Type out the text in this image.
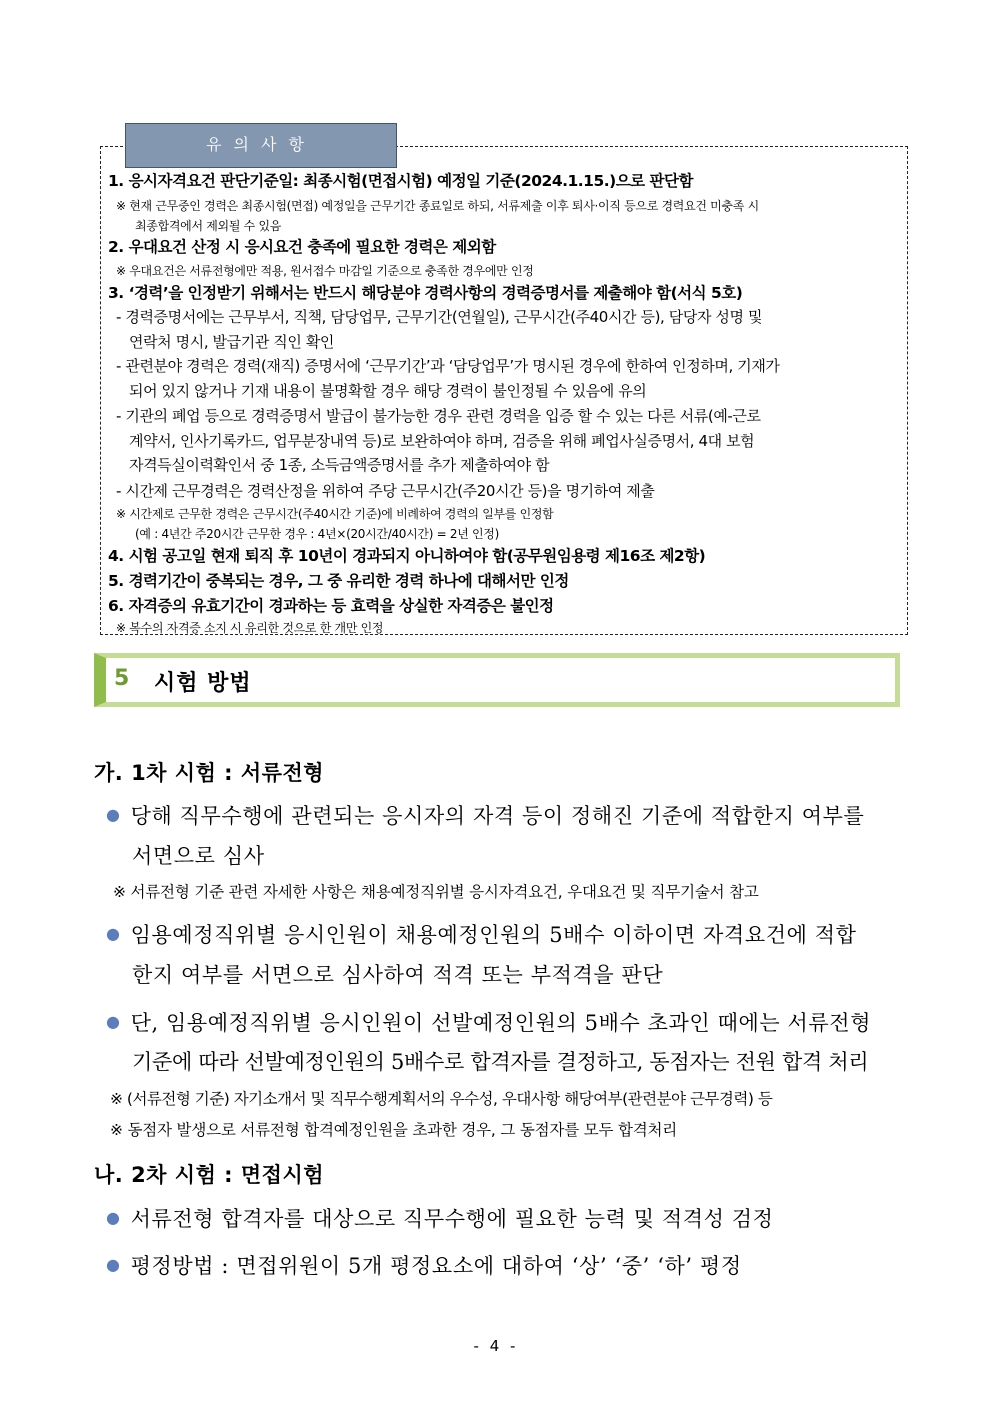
유의사항
1. 응시자격요건 판단기준일: 최종시험(면접시험) 예정일 기준(2024.1.15.)으로 판단함
※ 현재 근무중인 경력은 최종시험(면접) 예정일을 근무기간 종료일로 하되, 서류제출 이후 퇴사·이직 등으로 경력요건 미충족 시
최종합격에서 제외될 수 있음
2. 우대요건 산정 시 응시요건 충족에 필요한 경력은 제외함
※ 우대요건은 서류전형에만 적용, 원서접수 마감일 기준으로 충족한 경우에만 인정
3. ‘경력’을 인정받기 위해서는 반드시 해당분야 경력사항의 경력증명서를 제출해야 함(서식 5호)
- 경력증명서에는 근무부서, 직책, 담당업무, 근무기간(연월일), 근무시간(주40시간 등), 담당자 성명 및
연락처 명시, 발급기관 직인 확인
- 관련분야 경력은 경력(재직) 증명서에 ‘근무기간’과 ‘담당업무’가 명시된 경우에 한하여 인정하며, 기재가
되어 있지 않거나 기재 내용이 불명확할 경우 해당 경력이 불인정될 수 있음에 유의
- 기관의 폐업 등으로 경력증명서 발급이 불가능한 경우 관련 경력을 입증 할 수 있는 다른 서류(예-근로
계약서, 인사기록카드, 업무분장내역 등)로 보완하여야 하며, 검증을 위해 폐업사실증명서, 4대 보험
자격득실이력확인서 중 1종, 소득금액증명서를 추가 제출하여야 함
- 시간제 근무경력은 경력산정을 위하여 주당 근무시간(주20시간 등)을 명기하여 제출
※ 시간제로 근무한 경력은 근무시간(주40시간 기준)에 비례하여 경력의 일부를 인정함
(예 : 4년간 주20시간 근무한 경우 : 4년×(20시간/40시간) = 2년 인정)
4. 시험 공고일 현재 퇴직 후 10년이 경과되지 아니하여야 함(공무원임용령 제16조 제2항)
5. 경력기간이 중복되는 경우, 그 중 유리한 경력 하나에 대해서만 인정
6. 자격증의 유효기간이 경과하는 등 효력을 상실한 자격증은 불인정
※ 복수의 자격증 소지 시 유리한 것으로 한 개만 인정
5 시험 방법
가. 1차 시험 : 서류전형
● 당해 직무수행에 관련되는 응시자의 자격 등이 정해진 기준에 적합한지 여부를
서면으로 심사
※ 서류전형 기준 관련 자세한 사항은 채용예정직위별 응시자격요건, 우대요건 및 직무기술서 참고
● 임용예정직위별 응시인원이 채용예정인원의 5배수 이하이면 자격요건에 적합
한지 여부를 서면으로 심사하여 적격 또는 부적격을 판단
● 단, 임용예정직위별 응시인원이 선발예정인원의 5배수 초과인 때에는 서류전형
기준에 따라 선발예정인원의 5배수로 합격자를 결정하고, 동점자는 전원 합격 처리
※ (서류전형 기준) 자기소개서 및 직무수행계획서의 우수성, 우대사항 해당여부(관련분야 근무경력) 등
※ 동점자 발생으로 서류전형 합격예정인원을 초과한 경우, 그 동점자를 모두 합격처리
나. 2차 시험 : 면접시험
● 서류전형 합격자를 대상으로 직무수행에 필요한 능력 및 적격성 검정
● 평정방법 : 면접위원이 5개 평정요소에 대하여 ‘상’ ‘중’ ‘하’ 평정
- 4 -
